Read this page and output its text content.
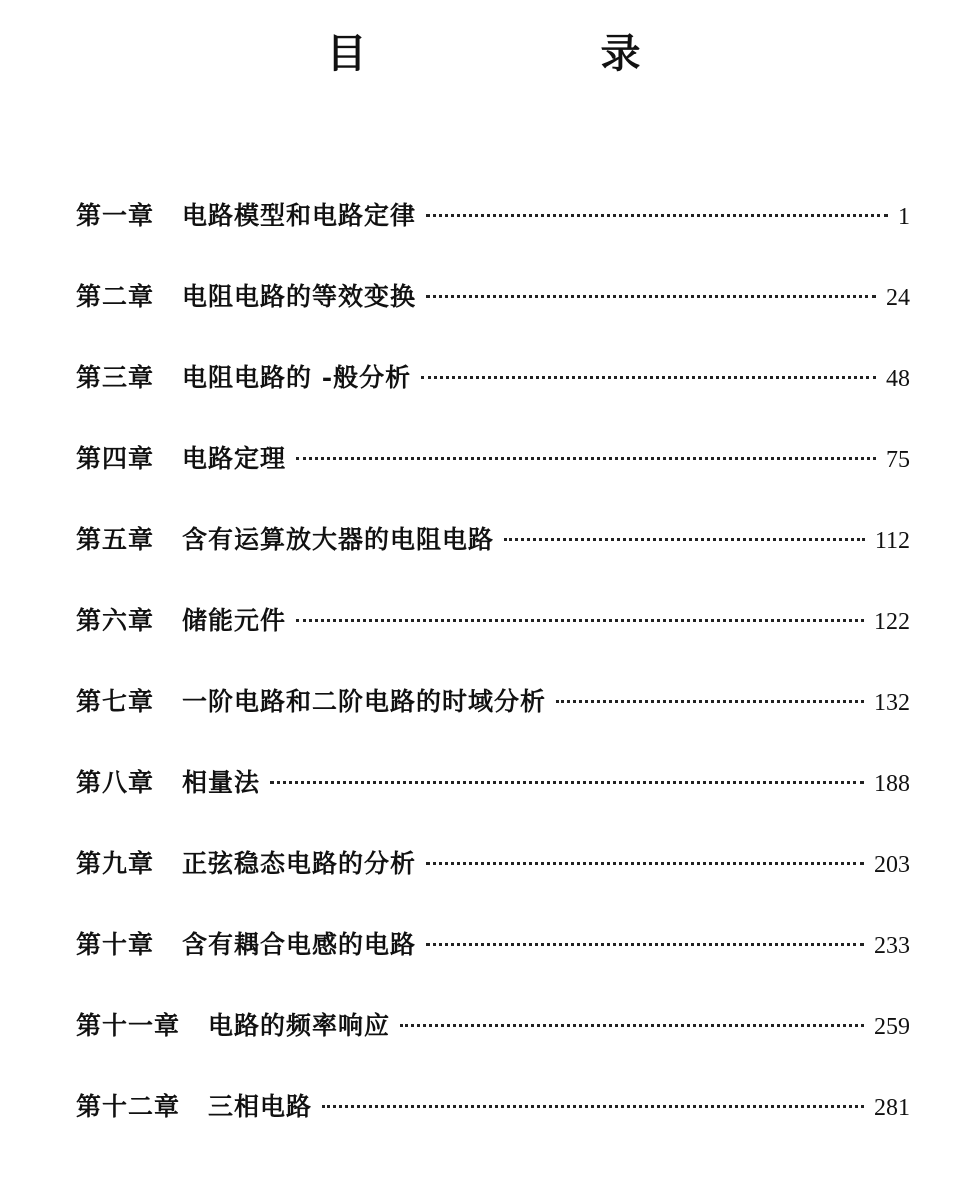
目 录
第一章 电路模型和电路定律	1
第二章 电阻电路的等效变换	24
第三章 电阻电路的 -般分析	48
第四章 电路定理	75
第五章 含有运算放大器的电阻电路	112
第六章 储能元件	122
第七章 一阶电路和二阶电路的时域分析	132
第八章 相量法	188
第九章 正弦稳态电路的分析	203
第十章 含有耦合电感的电路	233
第十一章 电路的频率响应	259
第十二章 三相电路	281
